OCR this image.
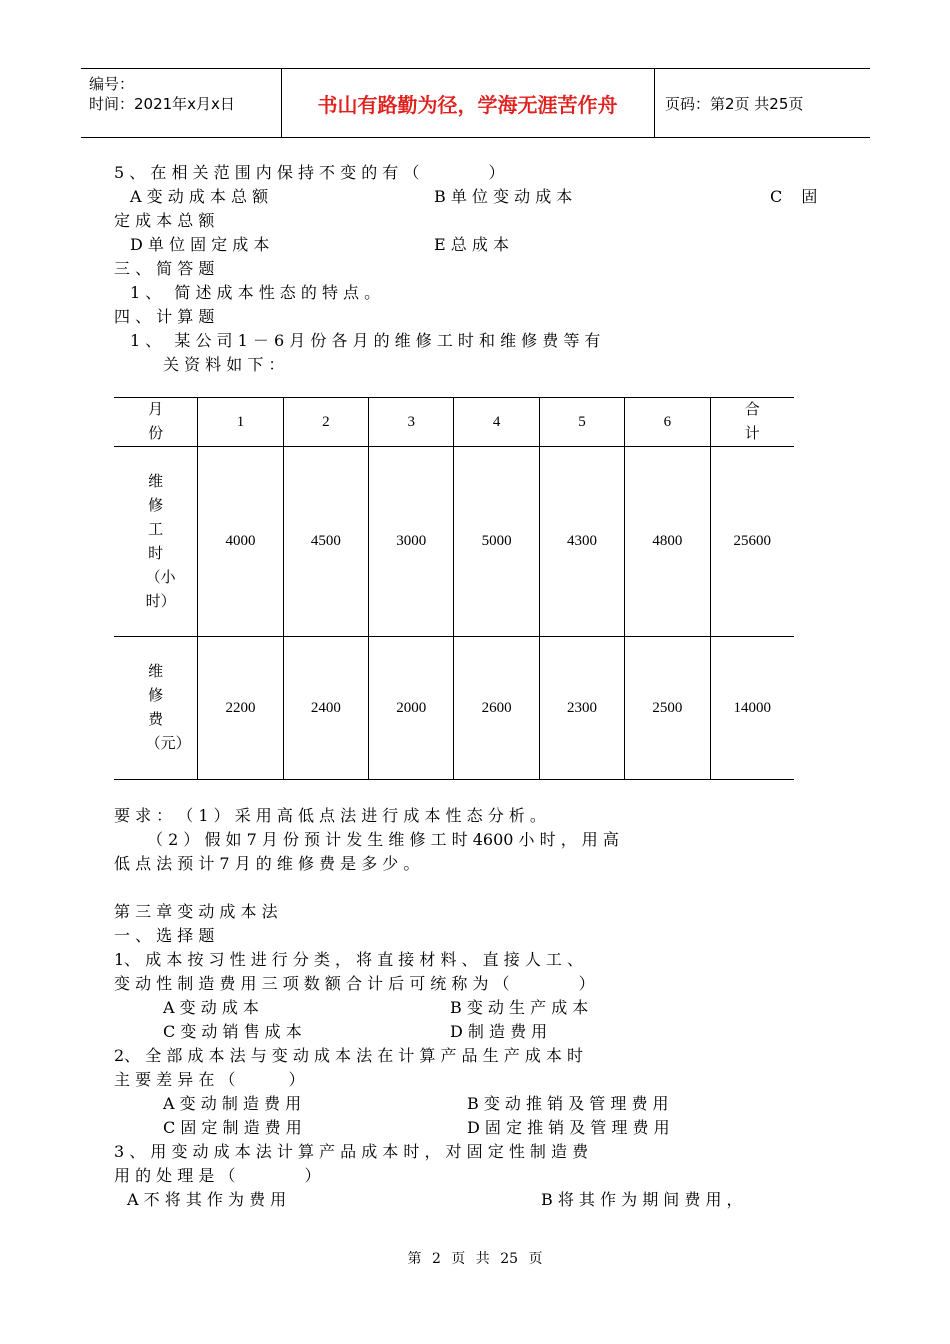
编号：
时间：2021年x月x日	书山有路勤为径，学海无涯苦作舟	页码：第2页 共25页
5 、 在 相 关 范 围 内 保 持 不 变 的 有 （　　　　 ）
A 变 动 成 本 总 额	B 单 位 变 动 成 本	C 固
定 成 本 总 额
D 单 位 固 定 成 本	E 总 成 本
三 、 简 答 题
1 、　 简 述 成 本 性 态 的 特 点 。
四 、 计 算 题
1 、　 某 公 司 1 － 6 月 份 各 月 的 维 修 工 时 和 维 修 费 等 有
关 资 料 如 下 ：
月份	1	2	3	4	5	6	合计
维修工时（小时）	4000	4500	3000	5000	4300	4800	25600
维修费（元）	2200	2400	2000	2600	2300	2500	14000
要 求 ： （ 1 ） 采 用 高 低 点 法 进 行 成 本 性 态 分 析 。
（ 2 ） 假 如 7 月 份 预 计 发 生 维 修 工 时 4600 小 时 ， 用 高
低 点 法 预 计 7 月 的 维 修 费 是 多 少 。
第 三 章 变 动 成 本 法
一 、 选 择 题
1、 成 本 按 习 性 进 行 分 类 ， 将 直 接 材 料 、 直 接 人 工 、
变 动 性 制 造 费 用 三 项 数 额 合 计 后 可 统 称 为 （　　　　 ）
A 变 动 成 本	B 变 动 生 产 成 本
C 变 动 销 售 成 本	D 制 造 费 用
2、 全 部 成 本 法 与 变 动 成 本 法 在 计 算 产 品 生 产 成 本 时
主 要 差 异 在 （　　　 ）
A 变 动 制 造 费 用	B 变 动 推 销 及 管 理 费 用
C 固 定 制 造 费 用	D 固 定 推 销 及 管 理 费 用
3 、 用 变 动 成 本 法 计 算 产 品 成 本 时 ， 对 固 定 性 制 造 费
用 的 处 理 是 （　　　　 ）
A 不 将 其 作 为 费 用	B 将 其 作 为 期 间 费 用 ，
第 2 页 共 25 页
